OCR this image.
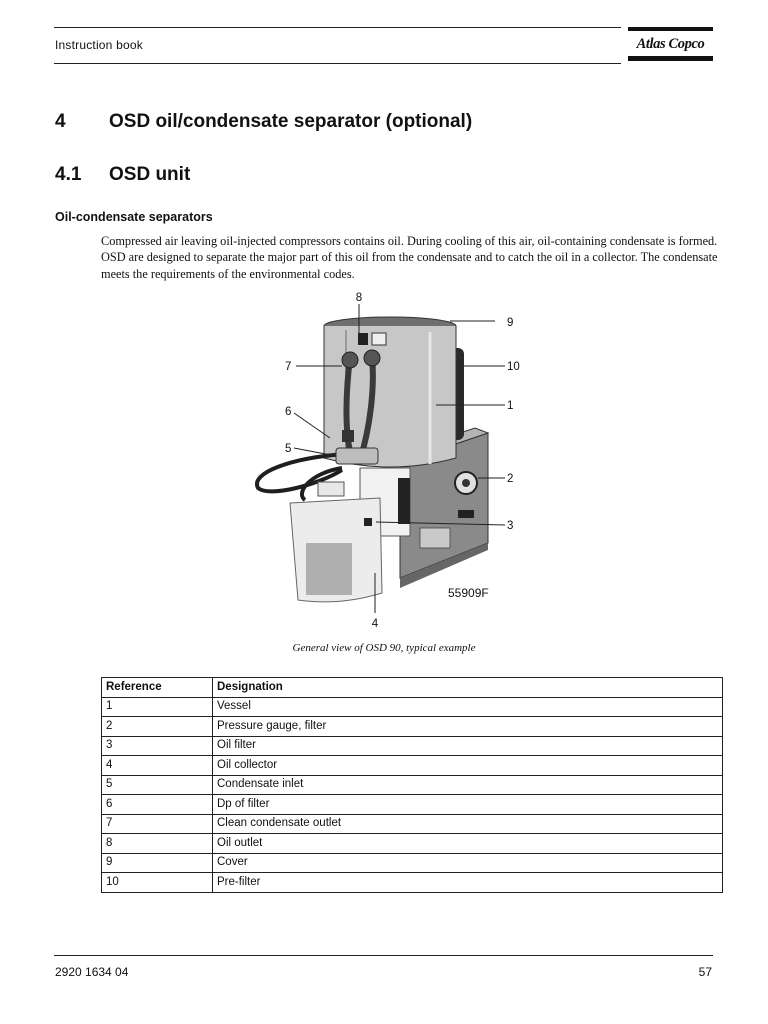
Instruction book	Atlas Copco
4 OSD oil/condensate separator (optional)
4.1 OSD unit
Oil-condensate separators
Compressed air leaving oil-injected compressors contains oil. During cooling of this air, oil-containing condensate is formed. OSD are designed to separate the major part of this oil from the condensate and to catch the oil in a collector. The condensate meets the requirements of the environmental codes.
8
9
7	10
1
6
5
2
3
4
55909F
General view of OSD 90, typical example
Reference	Designation
1	Vessel
2	Pressure gauge, filter
3	Oil filter
4	Oil collector
5	Condensate inlet
6	Dp of filter
7	Clean condensate outlet
8	Oil outlet
9	Cover
10	Pre-filter
2920 1634 04	57
